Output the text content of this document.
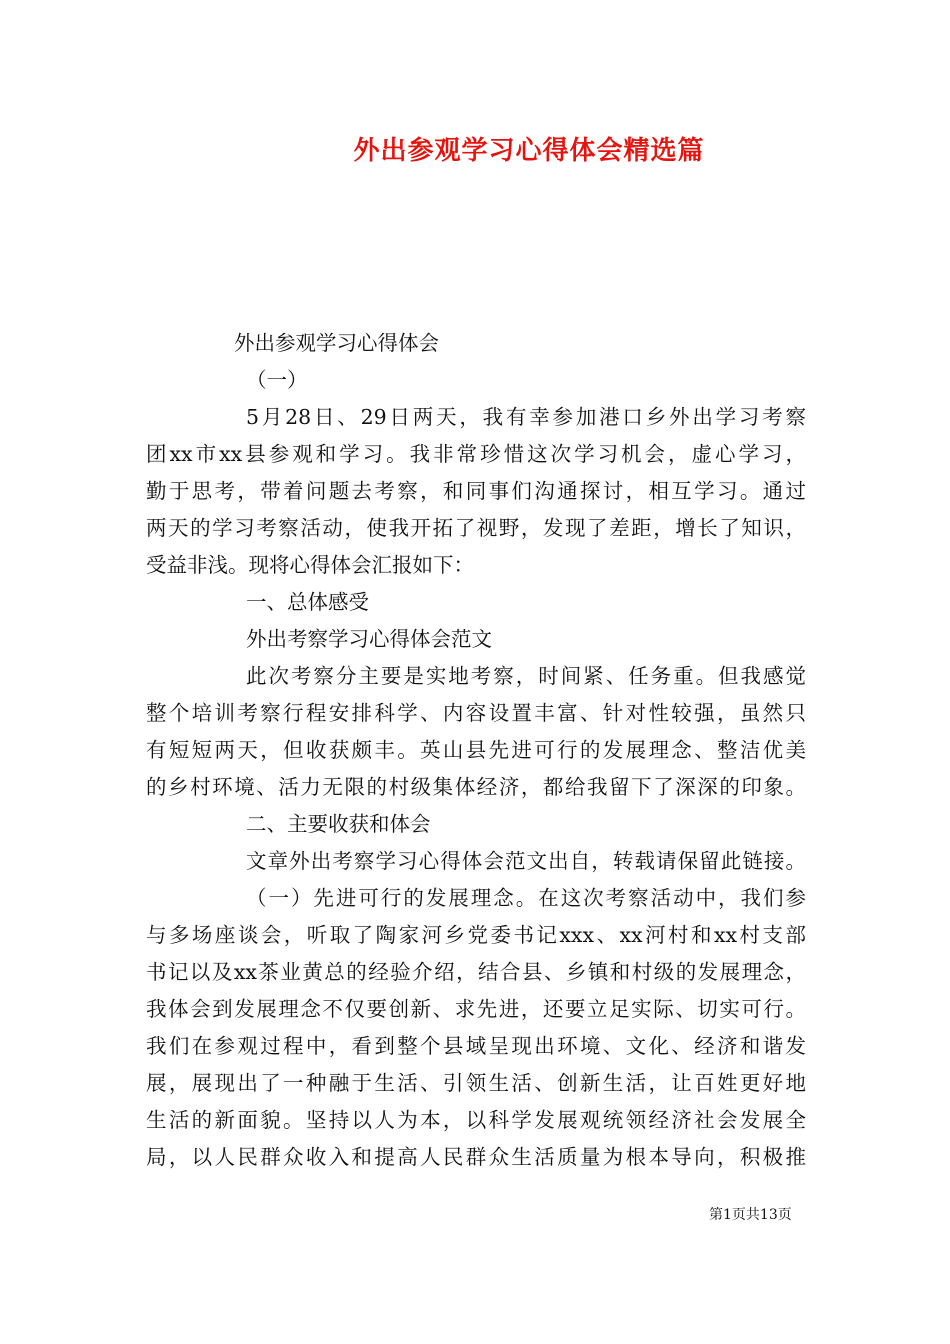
外出参观学习心得体会精选篇
外出参观学习心得体会
（一）
5月28日、29日两天，我有幸参加港口乡外出学习考察
团xx市xx县参观和学习。我非常珍惜这次学习机会，虚心学习，
勤于思考，带着问题去考察，和同事们沟通探讨，相互学习。通过
两天的学习考察活动，使我开拓了视野，发现了差距，增长了知识，
受益非浅。现将心得体会汇报如下：
一、总体感受
外出考察学习心得体会范文
此次考察分主要是实地考察，时间紧、任务重。但我感觉
整个培训考察行程安排科学、内容设置丰富、针对性较强，虽然只
有短短两天，但收获颇丰。英山县先进可行的发展理念、整洁优美
的乡村环境、活力无限的村级集体经济，都给我留下了深深的印象。
二、主要收获和体会
文章外出考察学习心得体会范文出自，转载请保留此链接。
（一）先进可行的发展理念。在这次考察活动中，我们参
与多场座谈会，听取了陶家河乡党委书记xxx、xx河村和xx村支部
书记以及xx茶业黄总的经验介绍，结合县、乡镇和村级的发展理念，
我体会到发展理念不仅要创新、求先进，还要立足实际、切实可行。
我们在参观过程中，看到整个县域呈现出环境、文化、经济和谐发
展，展现出了一种融于生活、引领生活、创新生活，让百姓更好地
生活的新面貌。坚持以人为本，以科学发展观统领经济社会发展全
局，以人民群众收入和提高人民群众生活质量为根本导向，积极推
第1页共13页
